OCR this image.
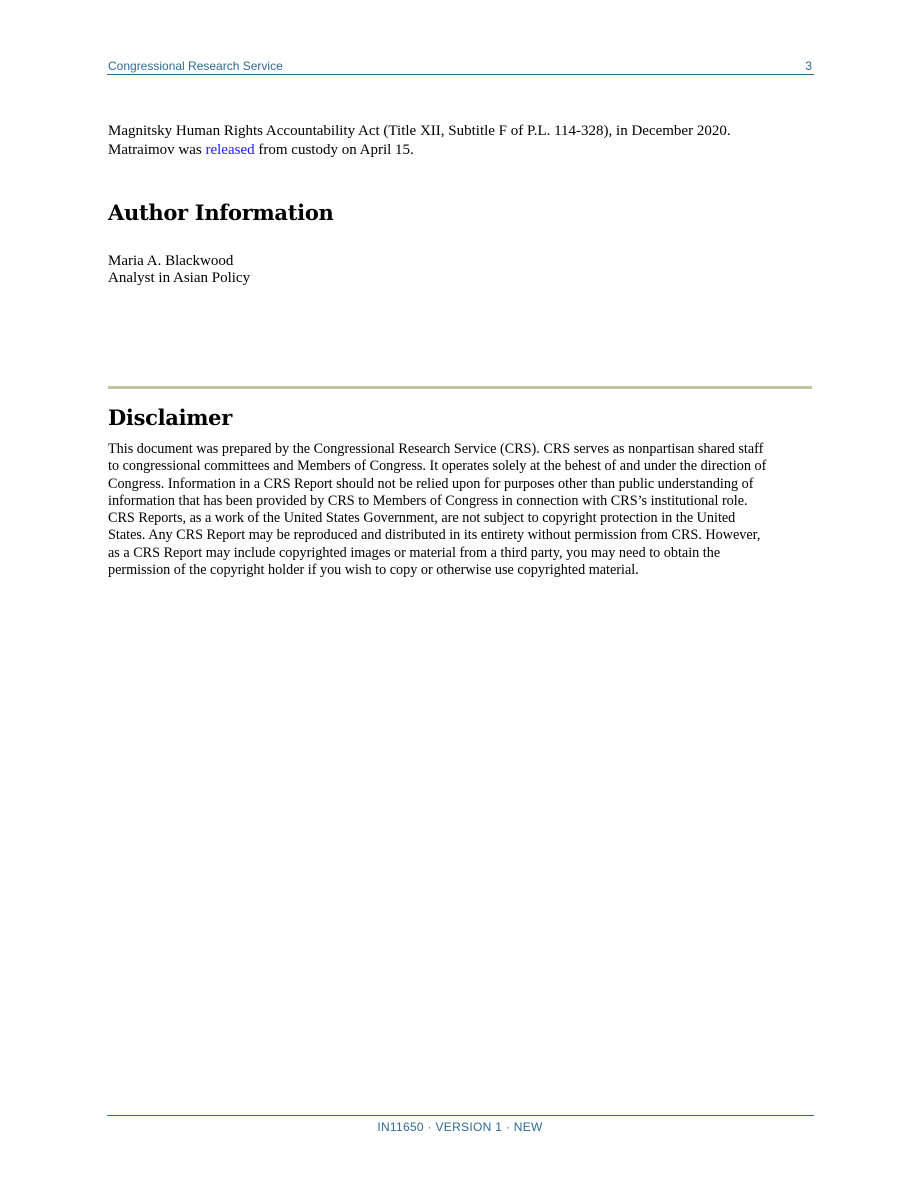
Congressional Research Service	3
Magnitsky Human Rights Accountability Act (Title XII, Subtitle F of P.L. 114-328), in December 2020.
Matraimov was released from custody on April 15.
Author Information
Maria A. Blackwood
Analyst in Asian Policy
Disclaimer
This document was prepared by the Congressional Research Service (CRS). CRS serves as nonpartisan shared staff
to congressional committees and Members of Congress. It operates solely at the behest of and under the direction of
Congress. Information in a CRS Report should not be relied upon for purposes other than public understanding of
information that has been provided by CRS to Members of Congress in connection with CRS’s institutional role.
CRS Reports, as a work of the United States Government, are not subject to copyright protection in the United
States. Any CRS Report may be reproduced and distributed in its entirety without permission from CRS. However,
as a CRS Report may include copyrighted images or material from a third party, you may need to obtain the
permission of the copyright holder if you wish to copy or otherwise use copyrighted material.
IN11650 · VERSION 1 · NEW
